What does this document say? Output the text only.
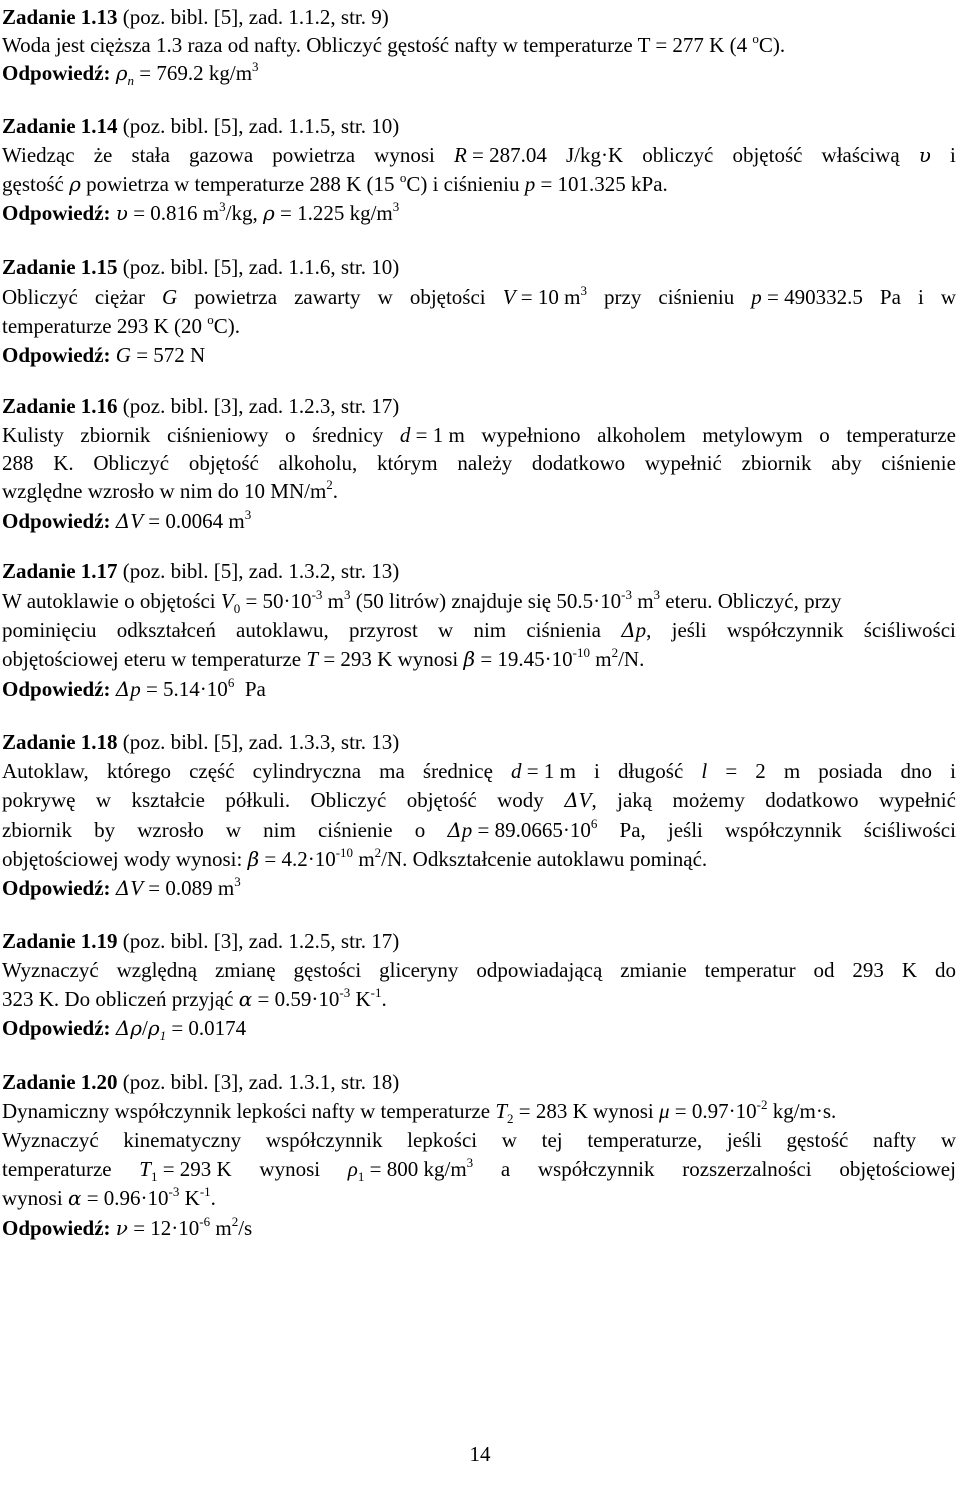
Zadanie 1.13 (poz. bibl. [5], zad. 1.1.2, str. 9)
Woda jest cięższa 1.3 raza od nafty. Obliczyć gęstość nafty w temperaturze T = 277 K (4 $^o$C).
Odpowiedź: $\rho_n = 769.2$ $kg/m^3$
Zadanie 1.14 (poz. bibl. [5], zad. 1.1.5, str. 10)
Wiedząc że stała gazowa powietrza wynosi R = 287.04 J/kg·K obliczyć objętość właściwą υ i
gęstość ρ powietrza w temperaturze 288 K (15 $^o$C) i ciśnieniu p = 101.325 kPa.
Odpowiedź: υ = 0.816 $m^3/kg$, ρ = 1.225 $kg/m^3$
Zadanie 1.15 (poz. bibl. [5], zad. 1.1.6, str. 10)
Obliczyć ciężar G powietrza zawarty w objętości V = 10 $m^3$ przy ciśnieniu p = 490332.5 Pa i w
temperaturze 293 K (20 $^o$C).
Odpowiedź: G = 572 N
Zadanie 1.16 (poz. bibl. [3], zad. 1.2.3, str. 17)
Kulisty zbiornik ciśnieniowy o średnicy d = 1 m wypełniono alkoholem metylowym o temperaturze
288 K. Obliczyć objętość alkoholu, którym należy dodatkowo wypełnić zbiornik aby ciśnienie
względne wzrosło w nim do 10 $MN/m^2$.
Odpowiedź: ΔV = 0.0064 $m^3$
Zadanie 1.17 (poz. bibl. [5], zad. 1.3.2, str. 13)
W autoklawie o objętości $V_0 = 50\cdot 10^{-3}$ $m^3$ (50 litrów) znajduje się $50.5\cdot 10^{-3}$ $m^3$ eteru. Obliczyć, przy
pominięciu odkształceń autoklawu, przyrost w nim ciśnienia Δp, jeśli współczynnik ściśliwości
objętościowej eteru w temperaturze T = 293 K wynosi $\beta = 19.45\cdot 10^{-10}$ $m^2/N$.
Odpowiedź: $\Delta p = 5.14\cdot 10^6$  Pa
Zadanie 1.18 (poz. bibl. [5], zad. 1.3.3, str. 13)
Autoklaw, którego część cylindryczna ma średnicę d = 1 m i długość l = 2 m posiada dno i
pokrywę w kształcie półkuli. Obliczyć objętość wody ΔV, jaką możemy dodatkowo wypełnić
zbiornik by wzrosło w nim ciśnienie o $\Delta p = 89.0665\cdot 10^6$ Pa, jeśli współczynnik ściśliwości
objętościowej wody wynosi: $\beta = 4.2\cdot 10^{-10}$ $m^2/N$. Odkształcenie autoklawu pominąć.
Odpowiedź: ΔV = 0.089 $m^3$
Zadanie 1.19 (poz. bibl. [3], zad. 1.2.5, str. 17)
Wyznaczyć względną zmianę gęstości gliceryny odpowiadającą zmianie temperatur od 293 K do
323 K. Do obliczeń przyjąć $\alpha = 0.59\cdot 10^{-3}$ $K^{-1}$.
Odpowiedź: $\Delta\rho/\rho_1 = 0.0174$
Zadanie 1.20 (poz. bibl. [3], zad. 1.3.1, str. 18)
Dynamiczny współczynnik lepkości nafty w temperaturze $T_2 = 283$ K wynosi $\mu = 0.97\cdot 10^{-2}$ kg/m·s.
Wyznaczyć kinematyczny współczynnik lepkości w tej temperaturze, jeśli gęstość nafty w
temperaturze $T_1 = 293$ K wynosi $\rho_1 = 800$ $kg/m^3$ a współczynnik rozszerzalności objętościowej
wynosi $\alpha = 0.96\cdot 10^{-3}$ $K^{-1}$.
Odpowiedź: $\nu = 12\cdot 10^{-6}$ $m^2/s$
14
